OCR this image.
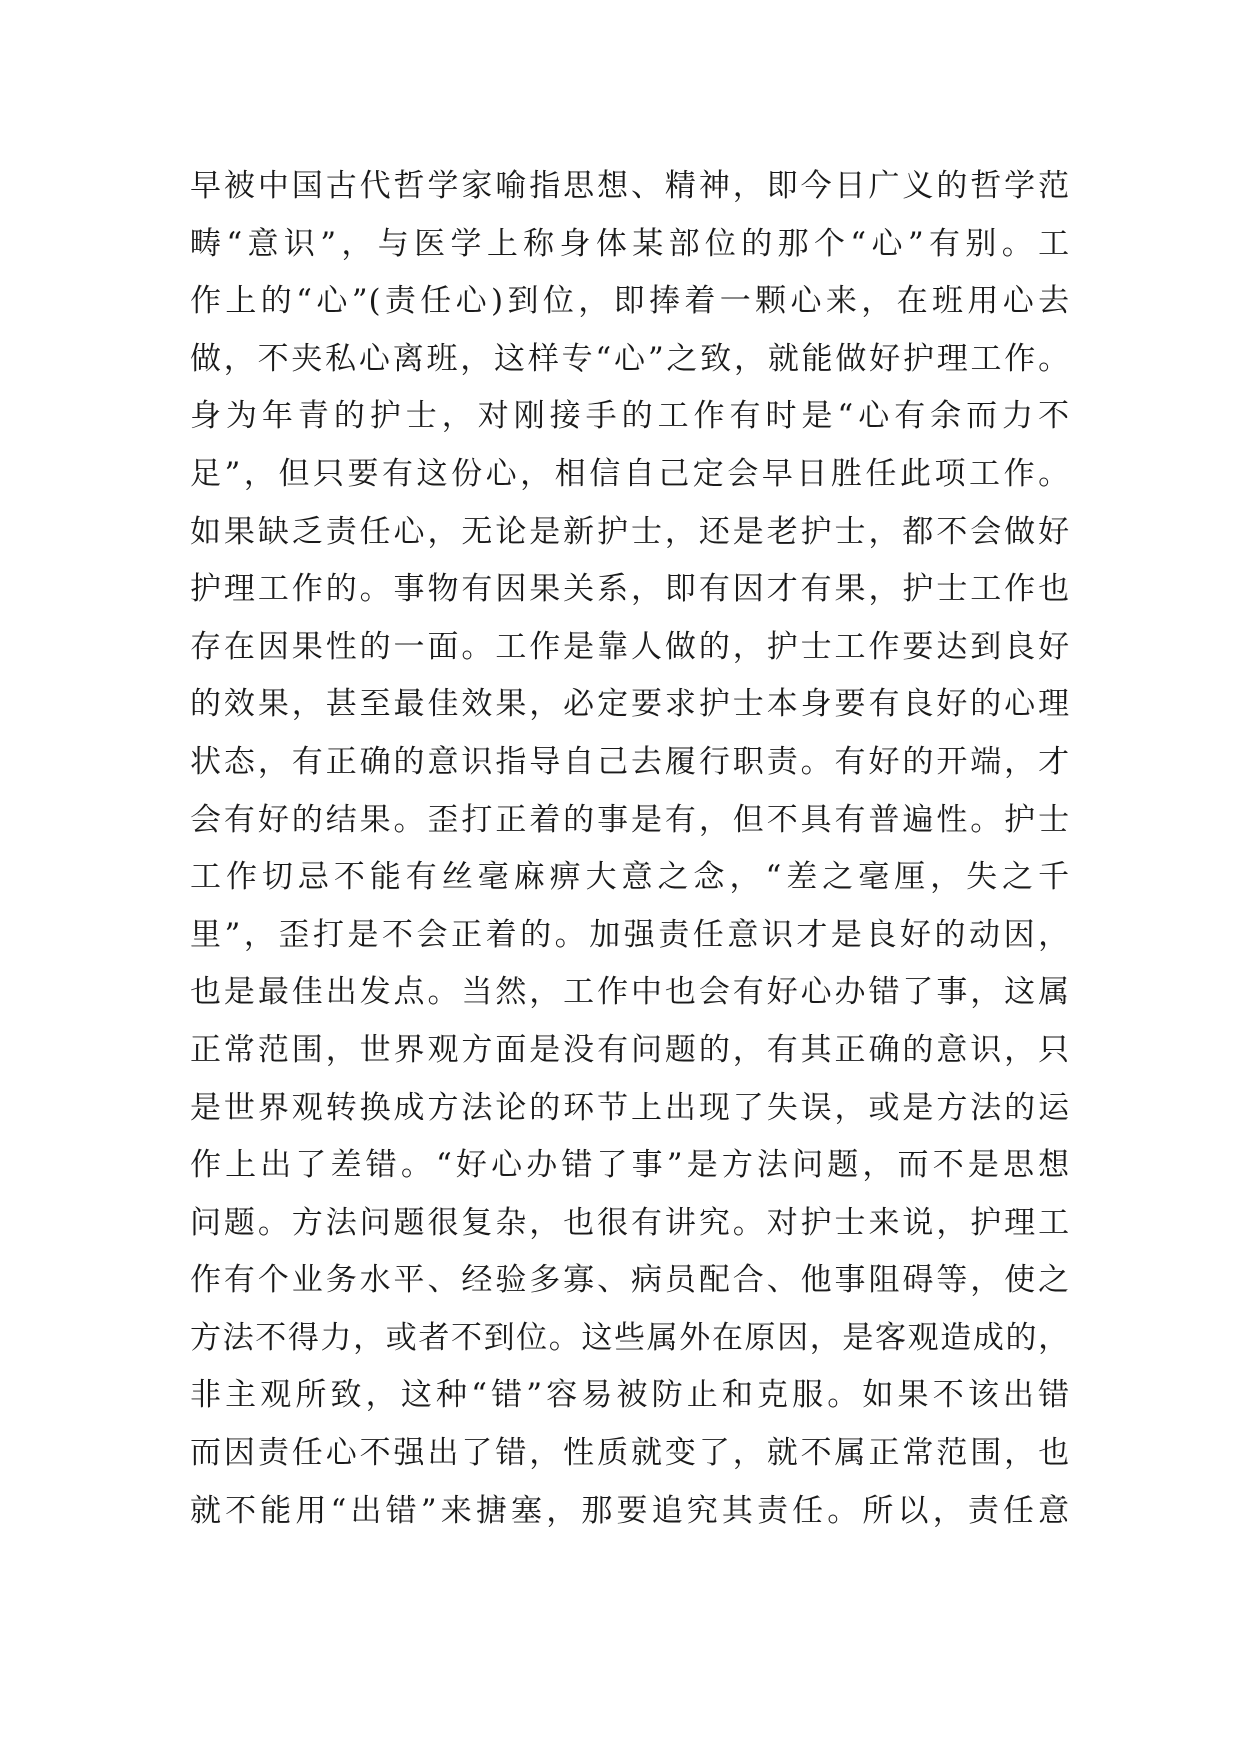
早被中国古代哲学家喻指思想、精神，即今日广义的哲学范
畴“意识”，与医学上称身体某部位的那个“心”有别。工
作上的“心”(责任心)到位，即捧着一颗心来，在班用心去
做，不夹私心离班，这样专“心”之致，就能做好护理工作。
身为年青的护士，对刚接手的工作有时是“心有余而力不
足”，但只要有这份心，相信自己定会早日胜任此项工作。
如果缺乏责任心，无论是新护士，还是老护士，都不会做好
护理工作的。事物有因果关系，即有因才有果，护士工作也
存在因果性的一面。工作是靠人做的，护士工作要达到良好
的效果，甚至最佳效果，必定要求护士本身要有良好的心理
状态，有正确的意识指导自己去履行职责。有好的开端，才
会有好的结果。歪打正着的事是有，但不具有普遍性。护士
工作切忌不能有丝毫麻痹大意之念，“差之毫厘，失之千
里”，歪打是不会正着的。加强责任意识才是良好的动因，
也是最佳出发点。当然，工作中也会有好心办错了事，这属
正常范围，世界观方面是没有问题的，有其正确的意识，只
是世界观转换成方法论的环节上出现了失误，或是方法的运
作上出了差错。“好心办错了事”是方法问题，而不是思想
问题。方法问题很复杂，也很有讲究。对护士来说，护理工
作有个业务水平、经验多寡、病员配合、他事阻碍等，使之
方法不得力，或者不到位。这些属外在原因，是客观造成的，
非主观所致，这种“错”容易被防止和克服。如果不该出错
而因责任心不强出了错，性质就变了，就不属正常范围，也
就不能用“出错”来搪塞，那要追究其责任。所以，责任意
